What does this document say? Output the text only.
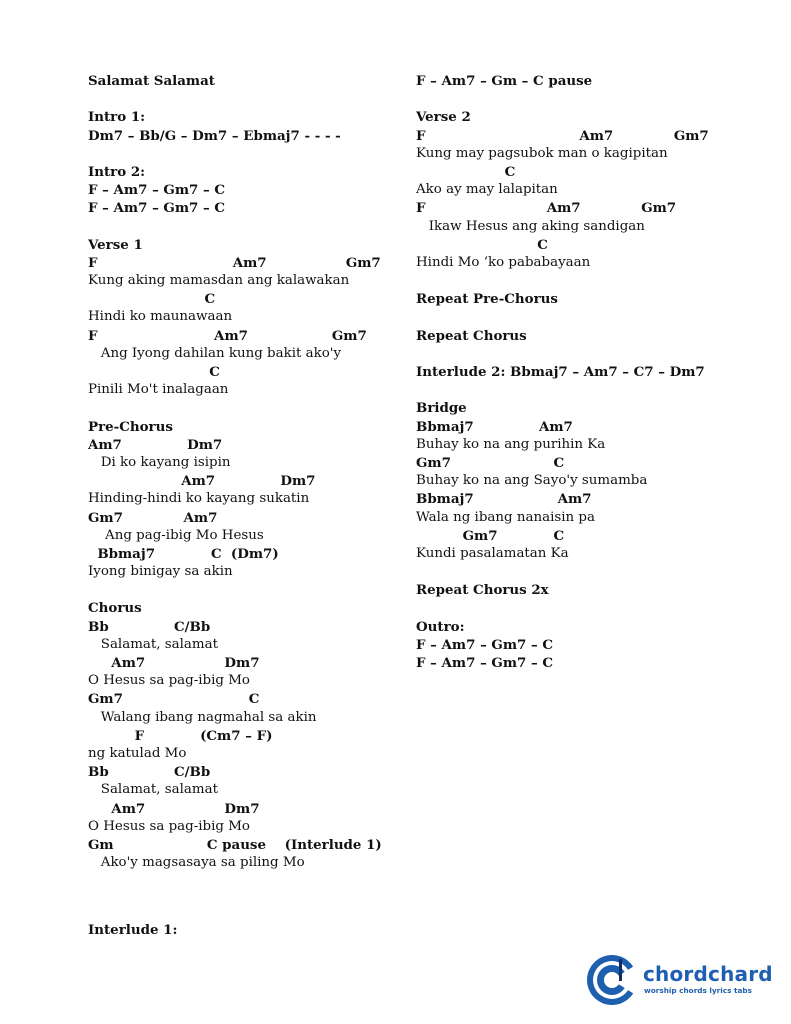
Salamat Salamat
Intro 1:
Dm7 – Bb/G – Dm7 – Ebmaj7 - - - -
Intro 2:
F – Am7 – Gm7 – C
F – Am7 – Gm7 – C
Verse 1
F                             Am7                 Gm7
Kung aking mamasdan ang kalawakan
C
Hindi ko maunawaan
F                         Am7                  Gm7
Ang Iyong dahilan kung bakit ako'y
C
Pinili Mo't inalagaan
Pre-Chorus
Am7              Dm7
Di ko kayang isipin
Am7              Dm7
Hinding-hindi ko kayang sukatin
Gm7             Am7
Ang pag-ibig Mo Hesus
Bbmaj7            C  (Dm7)
Iyong binigay sa akin
Chorus
Bb              C/Bb
Salamat, salamat
Am7                 Dm7
O Hesus sa pag-ibig Mo
Gm7                           C
Walang ibang nagmahal sa akin
F            (Cm7 – F)
ng katulad Mo
Bb              C/Bb
Salamat, salamat
Am7                 Dm7
O Hesus sa pag-ibig Mo
Gm                    C pause    (Interlude 1)
Ako'y magsasaya sa piling Mo
F – Am7 – Gm – C pause
Verse 2
F                                 Am7             Gm7
Kung may pagsubok man o kagipitan
C
Ako ay may lalapitan
F                          Am7             Gm7
Ikaw Hesus ang aking sandigan
C
Hindi Mo ‘ko pababayaan
Repeat Pre-Chorus
Repeat Chorus
Interlude 2: Bbmaj7 – Am7 – C7 – Dm7
Bridge
Bbmaj7              Am7
Buhay ko na ang purihin Ka
Gm7                      C
Buhay ko na ang Sayo'y sumamba
Bbmaj7                  Am7
Wala ng ibang nanaisin pa
Gm7            C
Kundi pasalamatan Ka
Repeat Chorus 2x
Outro:
F – Am7 – Gm7 – C
F – Am7 – Gm7 – C
Interlude 1:
chordchard
worship chords lyrics tabs
